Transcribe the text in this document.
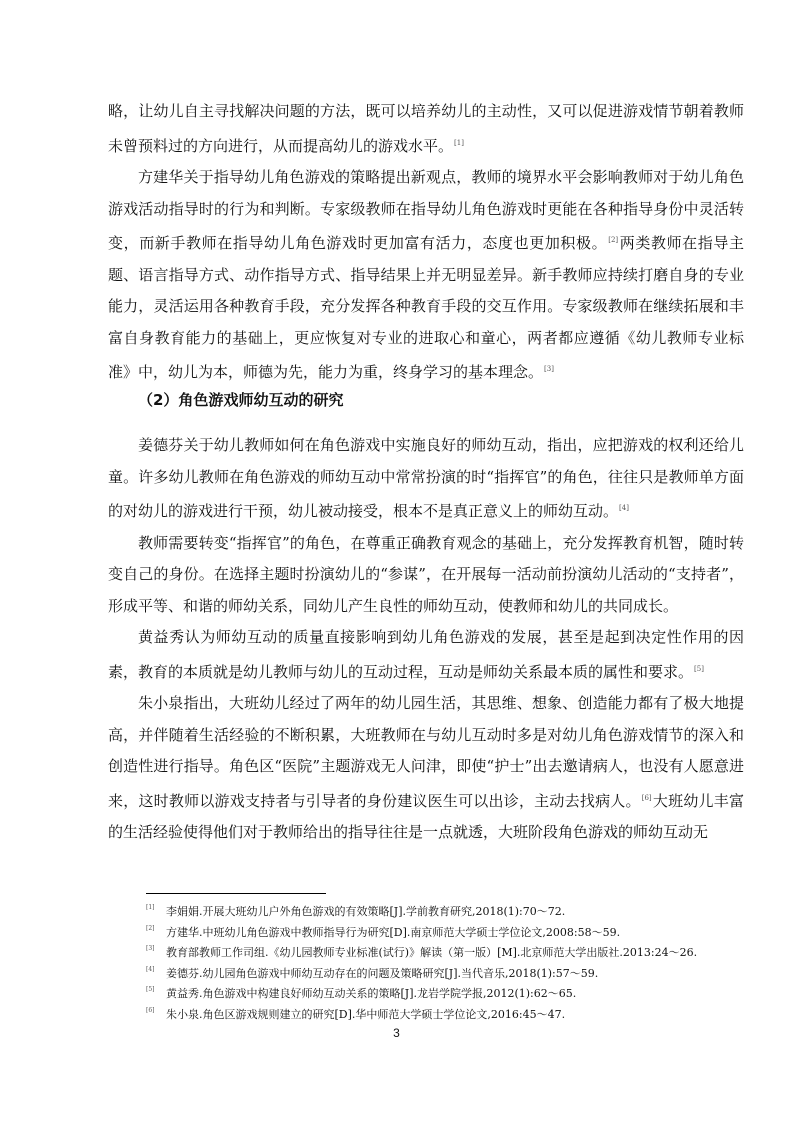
略，让幼儿自主寻找解决问题的方法，既可以培养幼儿的主动性，又可以促进游戏情节朝着教师未曾预料过的方向进行，从而提高幼儿的游戏水平。[1]

方建华关于指导幼儿角色游戏的策略提出新观点，教师的境界水平会影响教师对于幼儿角色游戏活动指导时的行为和判断。专家级教师在指导幼儿角色游戏时更能在各种指导身份中灵活转变，而新手教师在指导幼儿角色游戏时更加富有活力，态度也更加积极。[2]两类教师在指导主题、语言指导方式、动作指导方式、指导结果上并无明显差异。新手教师应持续打磨自身的专业能力，灵活运用各种教育手段，充分发挥各种教育手段的交互作用。专家级教师在继续拓展和丰富自身教育能力的基础上，更应恢复对专业的进取心和童心，两者都应遵循《幼儿教师专业标准》中，幼儿为本，师德为先，能力为重，终身学习的基本理念。[3]

（2）角色游戏师幼互动的研究

姜德芬关于幼儿教师如何在角色游戏中实施良好的师幼互动，指出，应把游戏的权利还给儿童。许多幼儿教师在角色游戏的师幼互动中常常扮演的时“指挥官”的角色，往往只是教师单方面的对幼儿的游戏进行干预，幼儿被动接受，根本不是真正意义上的师幼互动。[4]

教师需要转变“指挥官”的角色，在尊重正确教育观念的基础上，充分发挥教育机智，随时转变自己的身份。在选择主题时扮演幼儿的“参谋”，在开展每一活动前扮演幼儿活动的“支持者”，形成平等、和谐的师幼关系，同幼儿产生良性的师幼互动，使教师和幼儿的共同成长。

黄益秀认为师幼互动的质量直接影响到幼儿角色游戏的发展，甚至是起到决定性作用的因素，教育的本质就是幼儿教师与幼儿的互动过程，互动是师幼关系最本质的属性和要求。[5]

朱小泉指出，大班幼儿经过了两年的幼儿园生活，其思维、想象、创造能力都有了极大地提高，并伴随着生活经验的不断积累，大班教师在与幼儿互动时多是对幼儿角色游戏情节的深入和创造性进行指导。角色区“医院”主题游戏无人问津，即使“护士”出去邀请病人，也没有人愿意进来，这时教师以游戏支持者与引导者的身份建议医生可以出诊，主动去找病人。[6]大班幼儿丰富的生活经验使得他们对于教师给出的指导往往是一点就透，大班阶段角色游戏的师幼互动无

[1]	李娟娟.开展大班幼儿户外角色游戏的有效策略[J].学前教育研究,2018(1):70～72.
[2]	方建华.中班幼儿角色游戏中教师指导行为研究[D].南京师范大学硕士学位论文,2008:58～59.
[3]	教育部教师工作司组.《幼儿园教师专业标准(试行)》解读（第一版）[M].北京师范大学出版社.2013:24～26.
[4]	姜德芬.幼儿园角色游戏中师幼互动存在的问题及策略研究[J].当代音乐,2018(1):57～59.
[5]	黄益秀.角色游戏中构建良好师幼互动关系的策略[J].龙岩学院学报,2012(1):62～65.
[6]	朱小泉.角色区游戏规则建立的研究[D].华中师范大学硕士学位论文,2016:45～47.
3
